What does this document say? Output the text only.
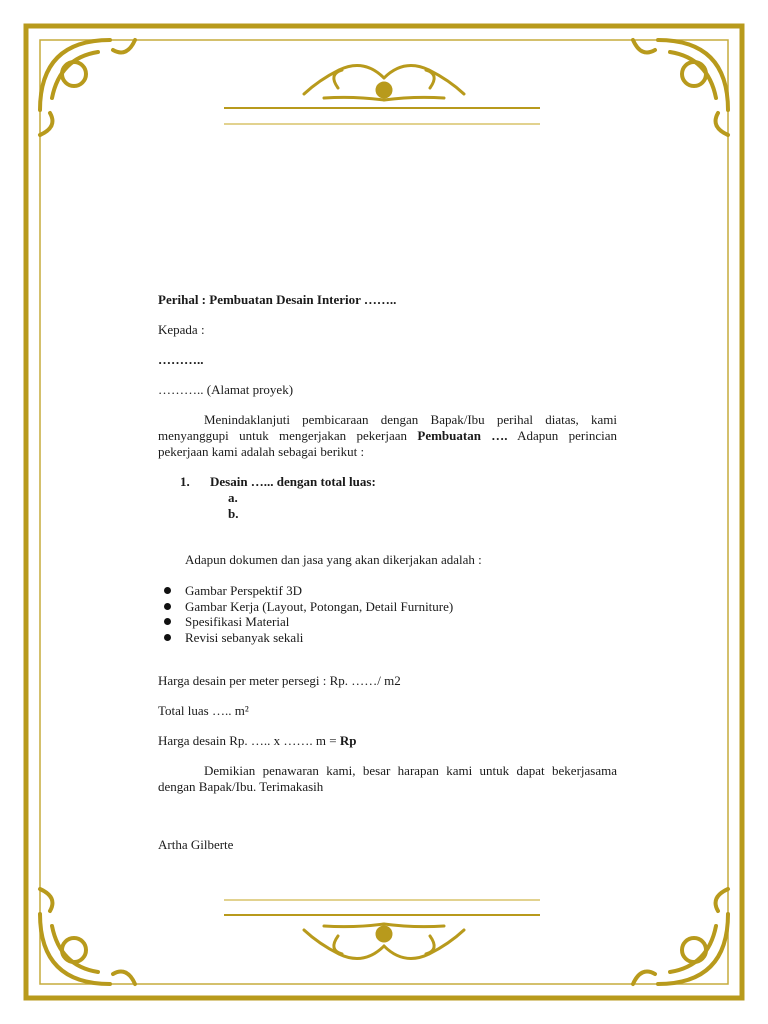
Perihal : Pembuatan Desain Interior ……..

Kepada :

………..

……….. (Alamat proyek)

Menindaklanjuti pembicaraan dengan Bapak/Ibu perihal diatas, kami menyanggupi untuk mengerjakan pekerjaan Pembuatan …. Adapun perincian pekerjaan kami adalah sebagai berikut :

1. Desain …... dengan total luas:

a.

b.

Adapun dokumen dan jasa yang akan dikerjakan adalah :

Gambar Perspektif 3D
Gambar Kerja (Layout, Potongan, Detail Furniture)
Spesifikasi Material
Revisi sebanyak sekali

Harga desain per meter persegi : Rp. ……/ m2

Total luas ….. m²

Harga desain Rp. ….. x ……. m = Rp

Demikian penawaran kami, besar harapan kami untuk dapat bekerjasama dengan Bapak/Ibu. Terimakasih

Artha Gilberte
